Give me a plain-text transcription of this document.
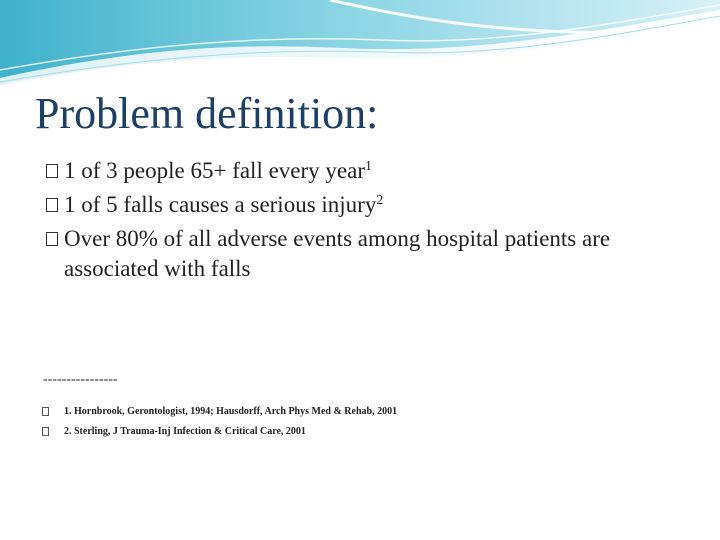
Problem definition:
1 of 3 people 65+ fall every year$^1$
1 of 5 falls causes a serious injury$^2$
Over 80% of all adverse events among hospital patients are associated with falls
----------------
1. Hornbrook, Gerontologist, 1994; Hausdorff, Arch Phys Med & Rehab, 2001
2. Sterling, J Trauma-Inj Infection & Critical Care, 2001
